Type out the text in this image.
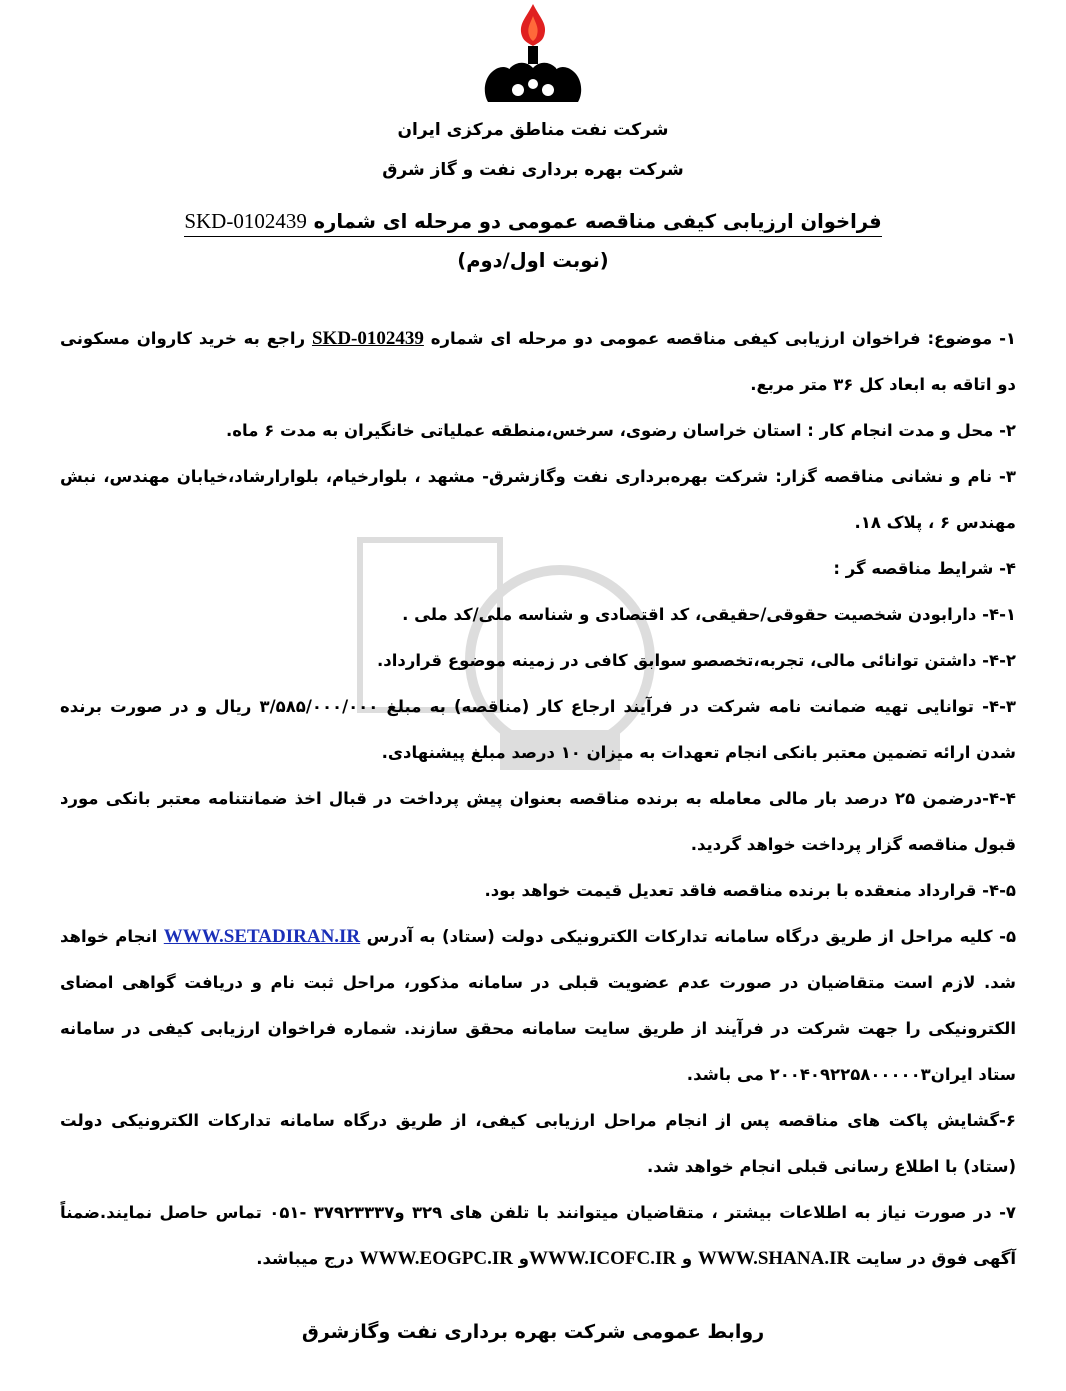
شرکت نفت مناطق مرکزی ایران
شرکت بهره برداری نفت و گاز شرق
فراخوان ارزیابی کیفی مناقصه عمومی دو مرحله ای شماره SKD-0102439
(نوبت اول/دوم)

۱- موضوع: فراخوان ارزیابی کیفی مناقصه عمومی دو مرحله ای شماره SKD-0102439 راجع به خرید کاروان مسکونی دو اتاقه به ابعاد کل ۳۶ متر مربع.

۲- محل و مدت انجام کار : استان خراسان رضوی، سرخس،منطقه عملیاتی خانگیران به مدت ۶ ماه.

۳- نام و نشانی مناقصه گزار: شرکت بهره‌برداری نفت وگازشرق- مشهد ، بلوارخیام، بلوارارشاد،خیابان مهندس، نبش مهندس ۶ ، پلاک ۱۸.

۴- شرایط مناقصه گر :

۴-۱- دارابودن شخصیت حقوقی/حقیقی، کد اقتصادی و شناسه ملی/کد ملی .

۴-۲- داشتن توانائی مالی، تجربه،تخصصو سوابق کافی در زمینه موضوع قرارداد.

۴-۳- توانایی تهیه ضمانت نامه شرکت در فرآیند ارجاع کار (مناقصه) به مبلغ ۳/۵۸۵/۰۰۰/۰۰۰ ریال و در صورت برنده شدن ارائه تضمین معتبر بانکی انجام تعهدات به میزان ۱۰ درصد مبلغ پیشنهادی.

۴-۴-درضمن ۲۵ درصد بار مالی معامله به برنده مناقصه بعنوان پیش پرداخت در قبال اخذ ضمانتنامه معتبر بانکی مورد قبول مناقصه گزار پرداخت خواهد گردید.

۴-۵- قرارداد منعقده با برنده مناقصه فاقد تعدیل قیمت خواهد بود.

۵- کلیه مراحل از طریق درگاه سامانه تدارکات الکترونیکی دولت (ستاد) به آدرس WWW.SETADIRAN.IR انجام خواهد شد. لازم است متقاضیان در صورت عدم عضویت قبلی در سامانه مذکور، مراحل ثبت نام و دریافت گواهی امضای الکترونیکی را جهت شرکت در فرآیند از طریق سایت سامانه محقق سازند. شماره فراخوان ارزیابی کیفی در سامانه ستاد ایران۲۰۰۴۰۹۲۲۵۸۰۰۰۰۰۳ می باشد.

۶-گشایش پاکت های مناقصه پس از انجام مراحل ارزیابی کیفی، از طریق درگاه سامانه تدارکات الکترونیکی دولت (ستاد) با اطلاع رسانی قبلی انجام خواهد شد.

۷- در صورت نیاز به اطلاعات بیشتر ، متقاضیان میتوانند با تلفن های ۳۲۹ و۳۷۹۲۳۳۳۷ -۰۵۱ تماس حاصل نمایند.ضمناً آگهی فوق در سایت WWW.SHANA.IR و WWW.ICOFC.IRو WWW.EOGPC.IR درج میباشد.

روابط عمومی شرکت بهره برداری نفت وگازشرق
